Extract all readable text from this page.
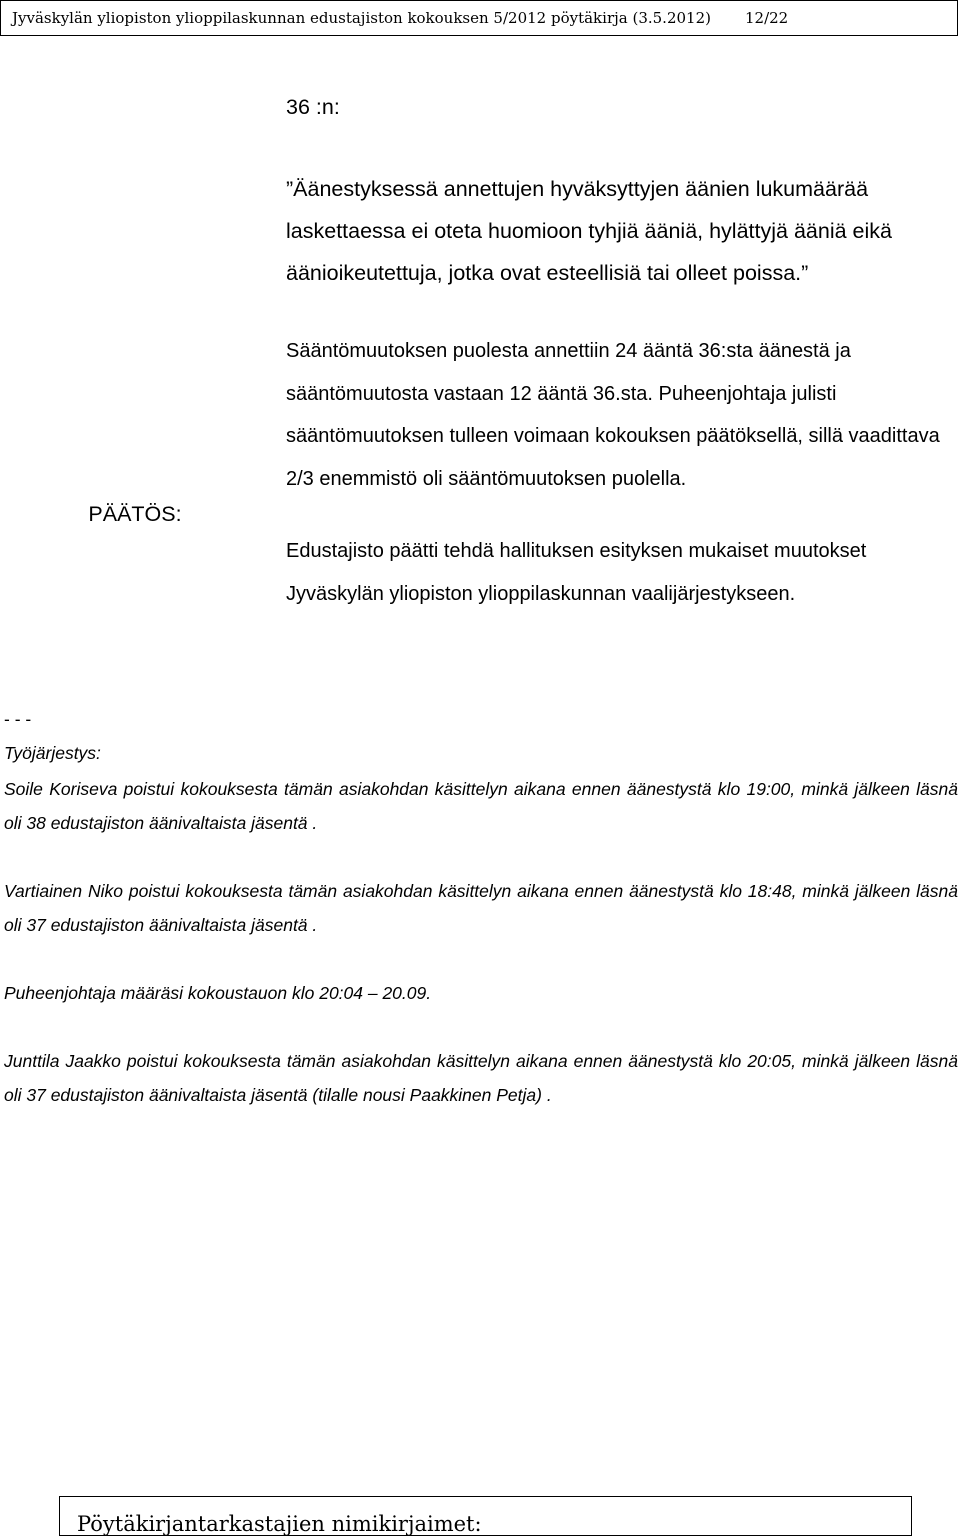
Jyväskylän yliopiston ylioppilaskunnan edustajiston kokouksen 5/2012 pöytäkirja (3.5.2012) 12/22

36 :n:

”Äänestyksessä annettujen hyväksyttyjen äänien lukumäärää laskettaessa ei oteta huomioon tyhjiä ääniä, hylättyjä ääniä eikä äänioikeutettuja, jotka ovat esteellisiä tai olleet poissa.”

PÄÄTÖS:

Sääntömuutoksen puolesta annettiin 24 ääntä 36:sta äänestä ja sääntömuutosta vastaan 12 ääntä 36.sta. Puheenjohtaja julisti sääntömuutoksen tulleen voimaan kokouksen päätöksellä, sillä vaadittava 2/3 enemmistö oli sääntömuutoksen puolella.

Edustajisto päätti tehdä hallituksen esityksen mukaiset muutokset Jyväskylän yliopiston ylioppilaskunnan vaalijärjestykseen.

- - -
Työjärjestys:

Soile Koriseva poistui kokouksesta tämän asiakohdan käsittelyn aikana ennen äänestystä klo 19:00, minkä jälkeen läsnä oli 38 edustajiston äänivaltaista jäsentä .

Vartiainen Niko poistui kokouksesta tämän asiakohdan käsittelyn aikana ennen äänestystä klo 18:48, minkä jälkeen läsnä oli 37 edustajiston äänivaltaista jäsentä .

Puheenjohtaja määräsi kokoustauon klo 20:04 – 20.09.

Junttila Jaakko poistui kokouksesta tämän asiakohdan käsittelyn aikana ennen äänestystä klo 20:05, minkä jälkeen läsnä oli 37 edustajiston äänivaltaista jäsentä (tilalle nousi Paakkinen Petja) .

Pöytäkirjantarkastajien nimikirjaimet:
